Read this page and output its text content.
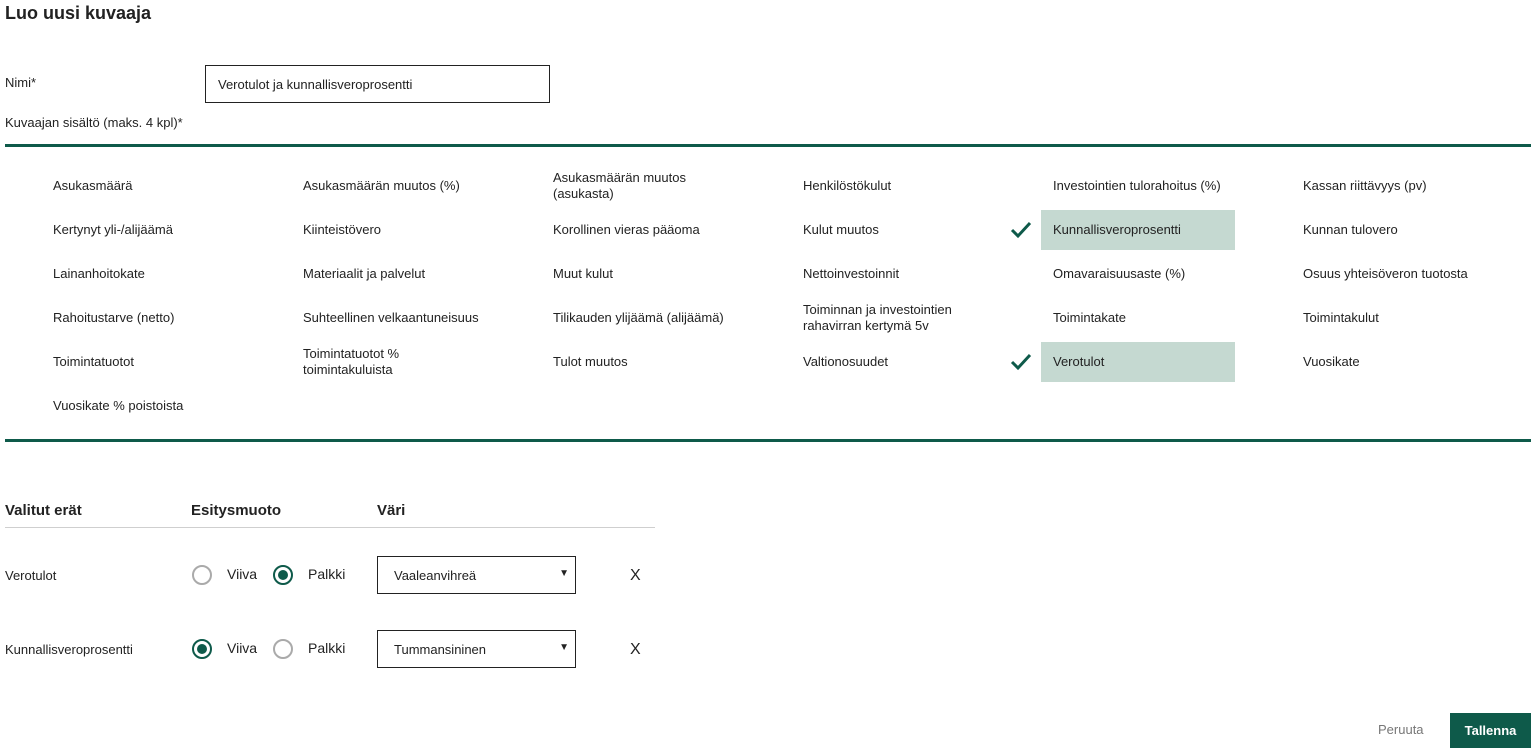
Luo uusi kuvaaja
Nimi*
Verotulot ja kunnallisveroprosentti
Kuvaajan sisältö (maks. 4 kpl)*
Asukasmäärä	Asukasmäärän muutos (%)
Asukasmäärän muutos (asukasta)
Henkilöstökulut	Investointien tulorahoitus (%)	Kassan riittävyys (pv)
Kertynyt yli-/alijäämä	Kiinteistövero	Korollinen vieras pääoma	Kulut muutos	Kunnallisveroprosentti	Kunnan tulovero
Lainanhoitokate	Materiaalit ja palvelut	Muut kulut	Nettoinvestoinnit	Omavaraisuusaste (%)	Osuus yhteisöveron tuotosta
Rahoitustarve (netto)	Suhteellinen velkaantuneisuus	Tilikauden ylijäämä (alijäämä)
Toiminnan ja investointien rahavirran kertymä 5v
Toimintakate	Toimintakulut
Toimintatuotot
Toimintatuotot % toimintakuluista
Tulot muutos	Valtionosuudet	Verotulot	Vuosikate
Vuosikate % poistoista
Valitut erät	Esitysmuoto	Väri
Verotulot	Viiva	Palkki	Vaaleanvihreä	▼	X
Kunnallisveroprosentti	Viiva	Palkki	Tummansininen	▼	X
Peruuta	Tallenna
